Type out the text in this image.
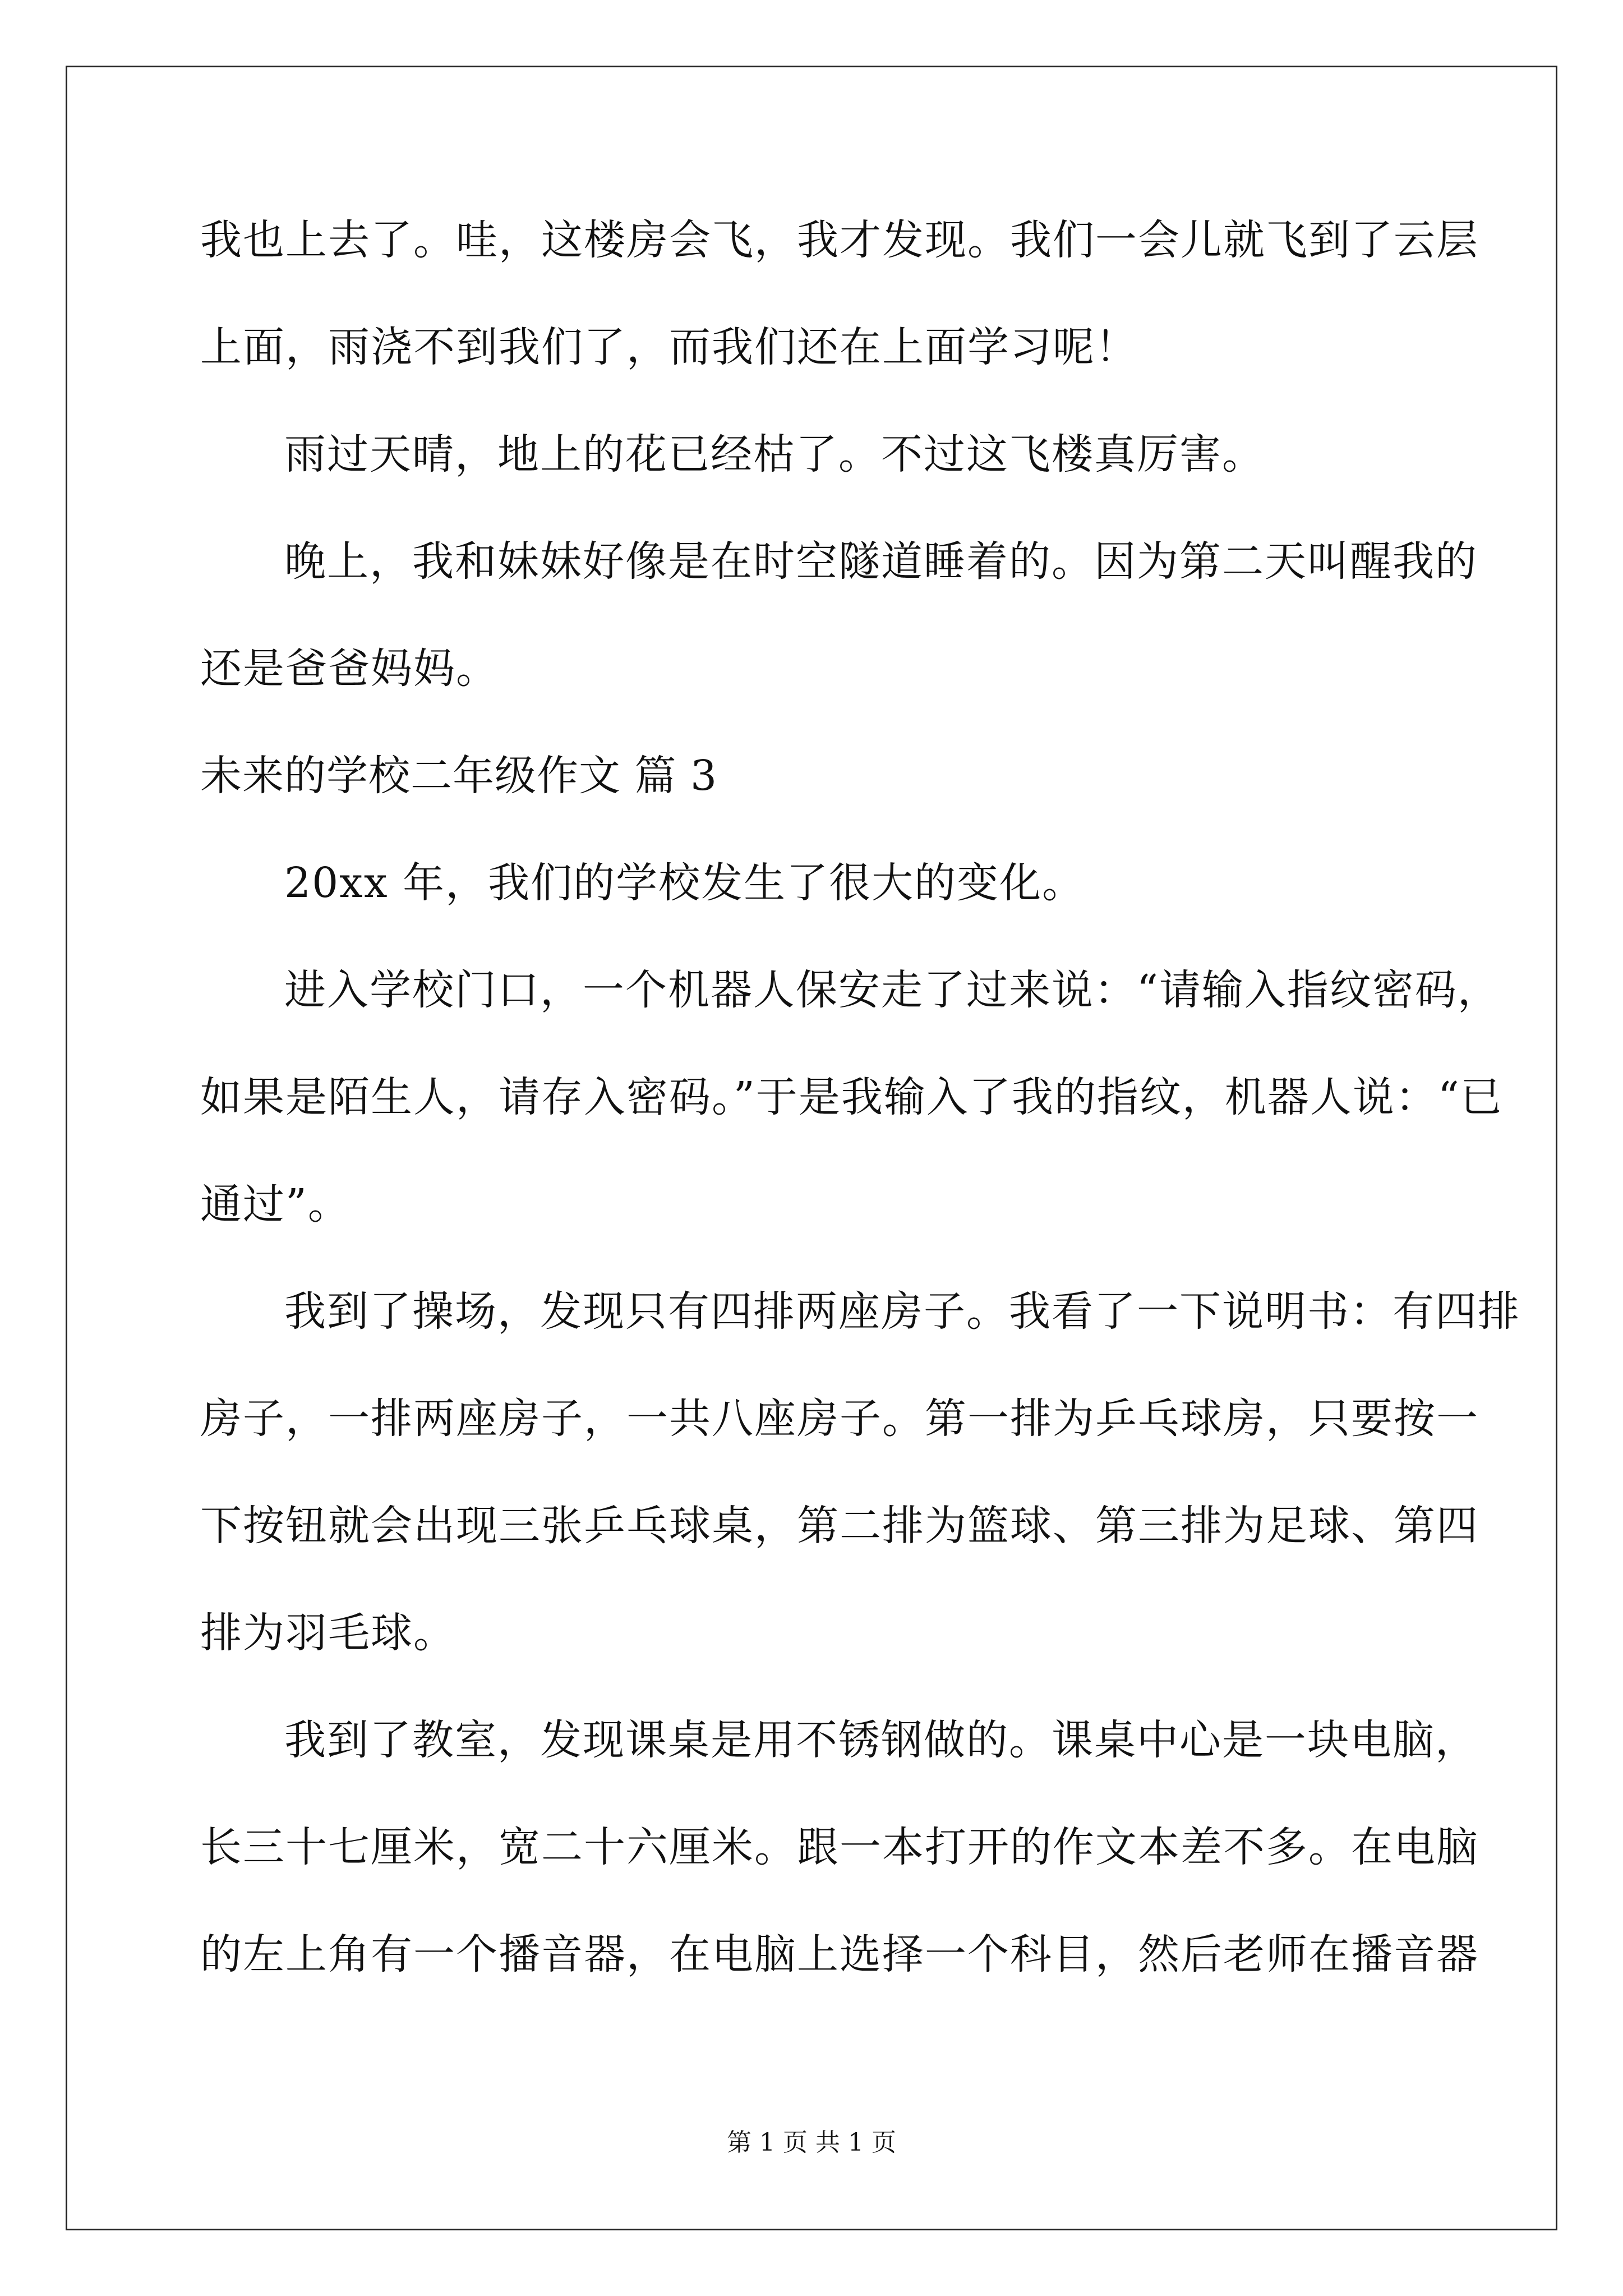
我也上去了。哇，这楼房会飞，我才发现。我们一会儿就飞到了云层
上面，雨浇不到我们了，而我们还在上面学习呢！
雨过天晴，地上的花已经枯了。不过这飞楼真厉害。
晚上，我和妹妹好像是在时空隧道睡着的。因为第二天叫醒我的
还是爸爸妈妈。
未来的学校二年级作文 篇 3
20xx 年，我们的学校发生了很大的变化。
进入学校门口，一个机器人保安走了过来说：“请输入指纹密码，
如果是陌生人，请存入密码。”于是我输入了我的指纹，机器人说：“已
通过”。
我到了操场，发现只有四排两座房子。我看了一下说明书：有四排
房子，一排两座房子，一共八座房子。第一排为乒乓球房，只要按一
下按钮就会出现三张乒乓球桌，第二排为篮球、第三排为足球、第四
排为羽毛球。
我到了教室，发现课桌是用不锈钢做的。课桌中心是一块电脑，
长三十七厘米，宽二十六厘米。跟一本打开的作文本差不多。在电脑
的左上角有一个播音器，在电脑上选择一个科目，然后老师在播音器
第 1 页 共 1 页
